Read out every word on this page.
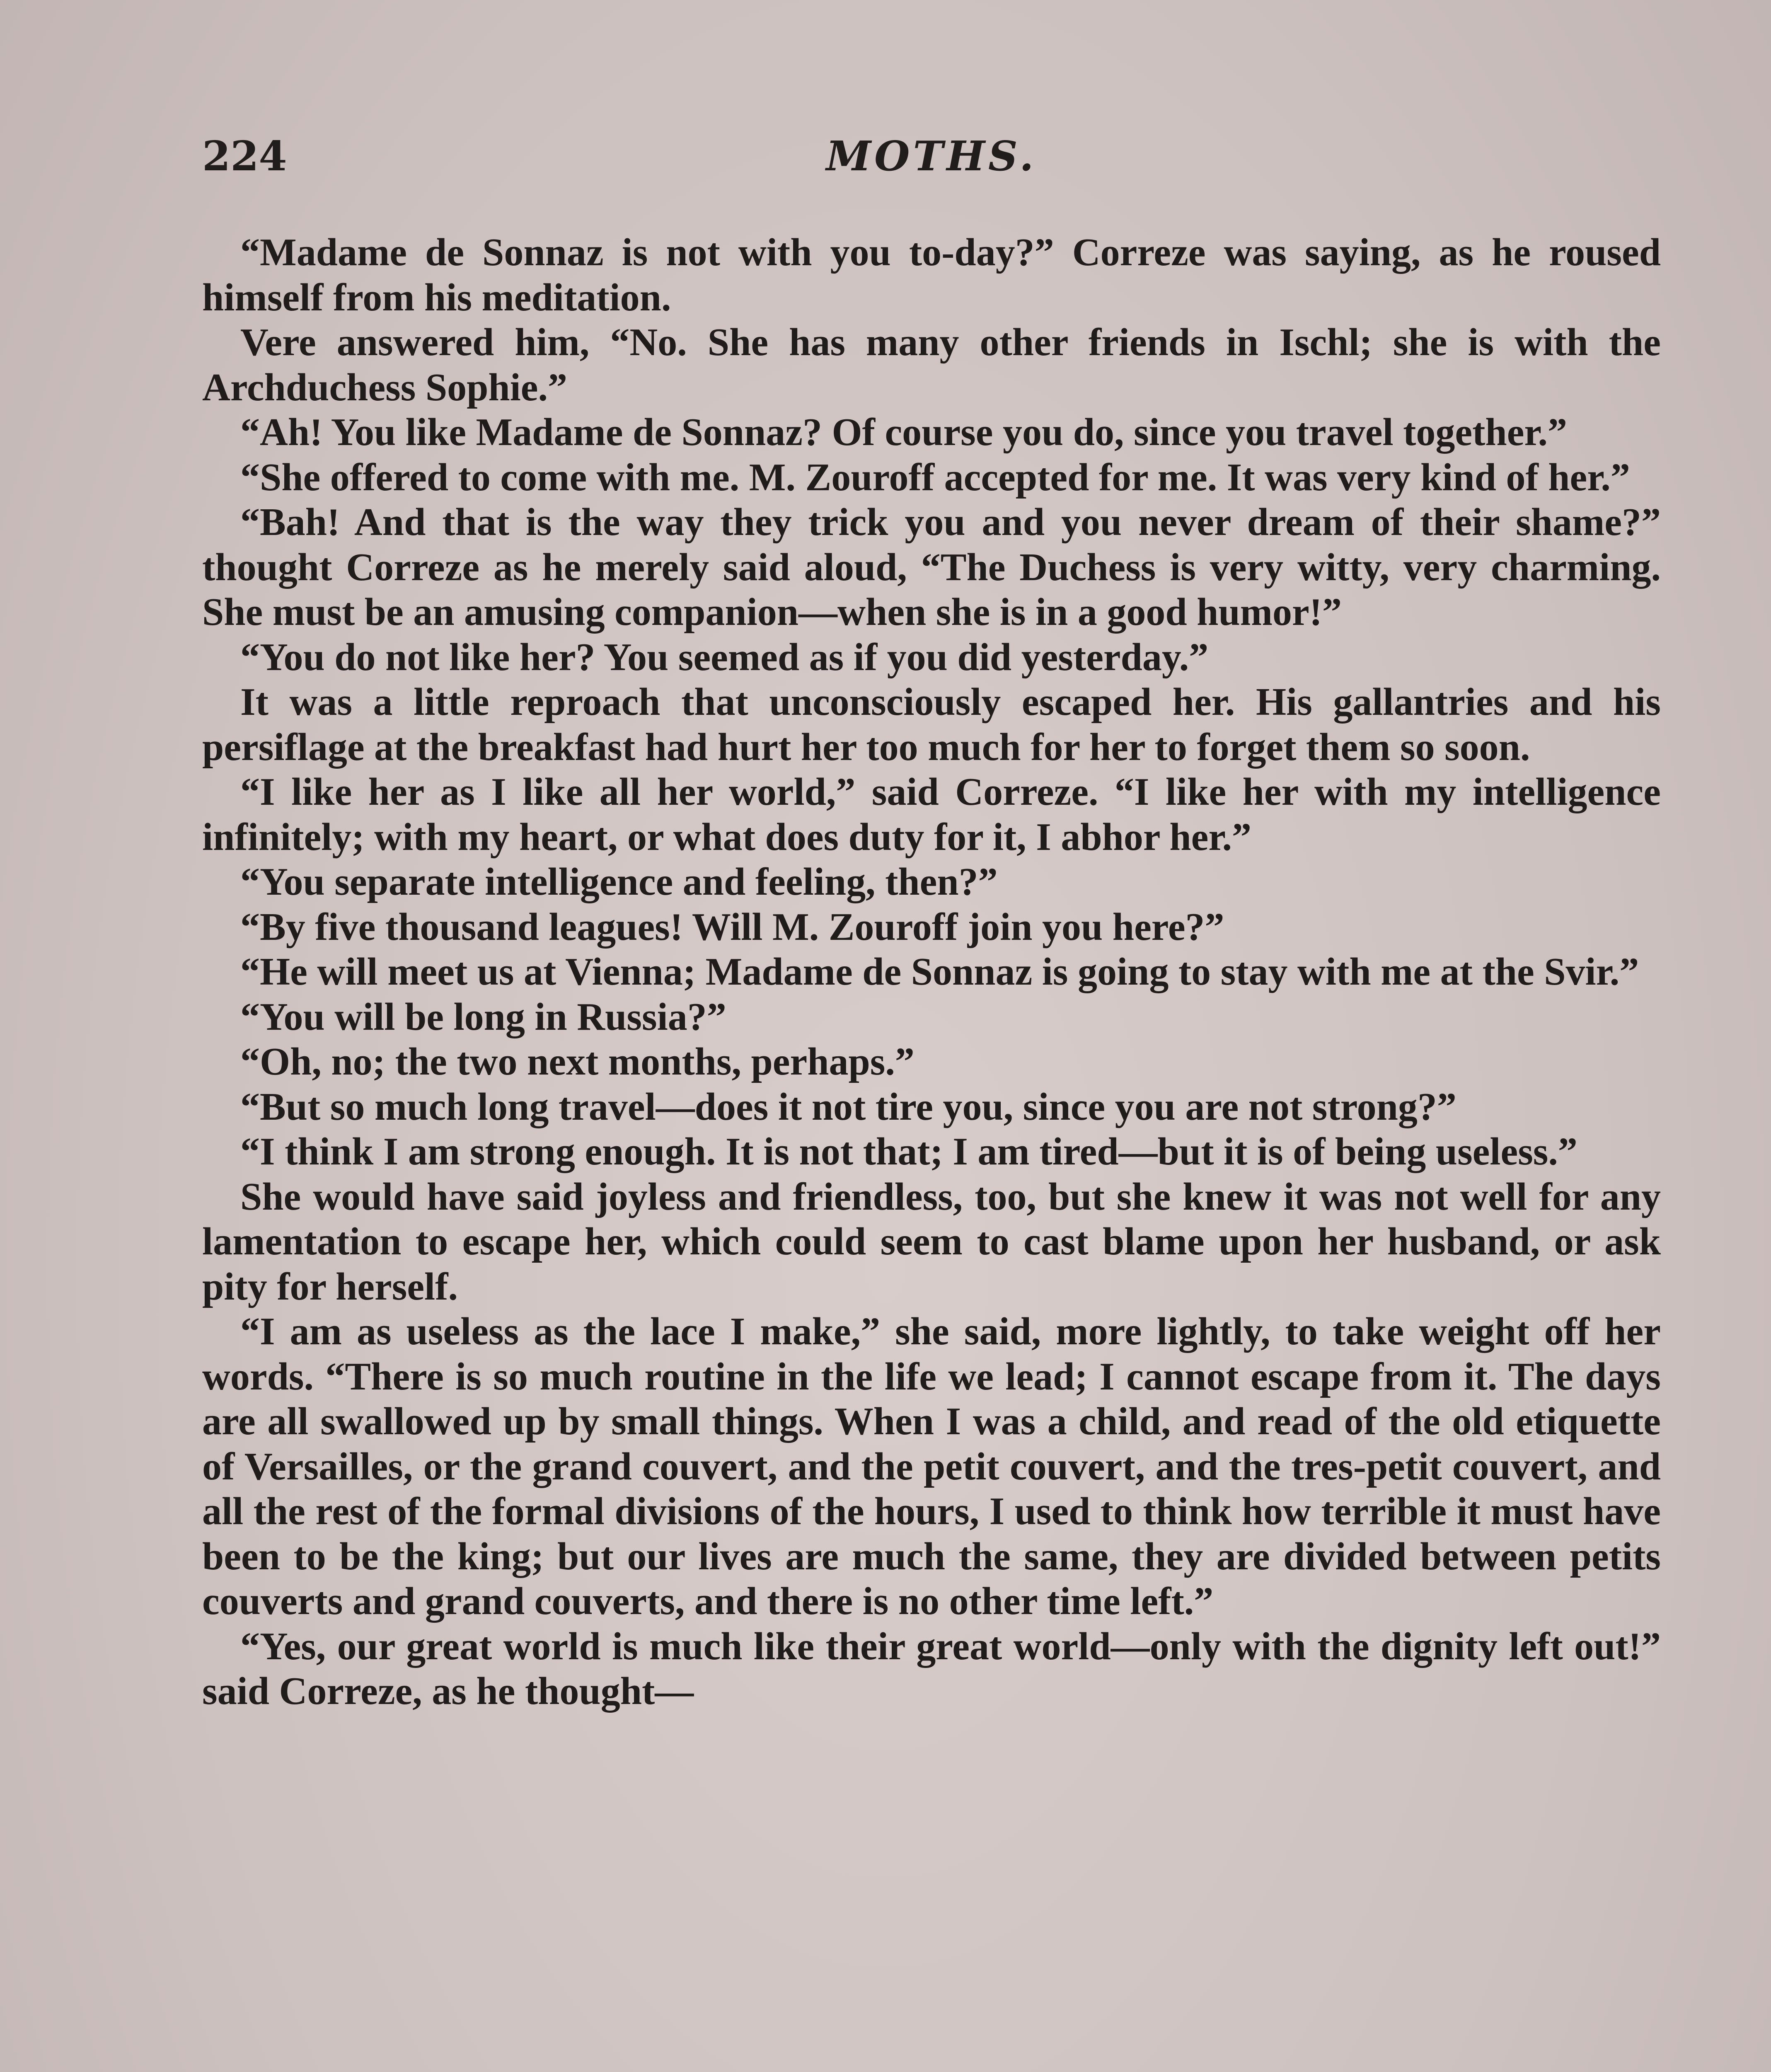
224	MOTHS.

“Madame de Sonnaz is not with you to-day?” Correze was saying, as he roused himself from his meditation.

Vere answered him, “No. She has many other friends in Ischl; she is with the Archduchess Sophie.”

“Ah! You like Madame de Sonnaz? Of course you do, since you travel together.”

“She offered to come with me. M. Zouroff accepted for me. It was very kind of her.”

“Bah! And that is the way they trick you and you never dream of their shame?” thought Correze as he merely said aloud, “The Duchess is very witty, very charming. She must be an amusing companion—when she is in a good humor!”

“You do not like her? You seemed as if you did yesterday.”

It was a little reproach that unconsciously escaped her. His gallantries and his persiflage at the breakfast had hurt her too much for her to forget them so soon.

“I like her as I like all her world,” said Correze. “I like her with my intelligence infinitely; with my heart, or what does duty for it, I abhor her.”

“You separate intelligence and feeling, then?”

“By five thousand leagues! Will M. Zouroff join you here?”

“He will meet us at Vienna; Madame de Sonnaz is going to stay with me at the Svir.”

“You will be long in Russia?”

“Oh, no; the two next months, perhaps.”

“But so much long travel—does it not tire you, since you are not strong?”

“I think I am strong enough. It is not that; I am tired—but it is of being useless.”

She would have said joyless and friendless, too, but she knew it was not well for any lamentation to escape her, which could seem to cast blame upon her husband, or ask pity for herself.

“I am as useless as the lace I make,” she said, more lightly, to take weight off her words. “There is so much routine in the life we lead; I cannot escape from it. The days are all swallowed up by small things. When I was a child, and read of the old etiquette of Versailles, or the grand couvert, and the petit couvert, and the tres-petit couvert, and all the rest of the formal divisions of the hours, I used to think how terrible it must have been to be the king; but our lives are much the same, they are divided between petits couverts and grand couverts, and there is no other time left.”

“Yes, our great world is much like their great world—only with the dignity left out!” said Correze, as he thought—
